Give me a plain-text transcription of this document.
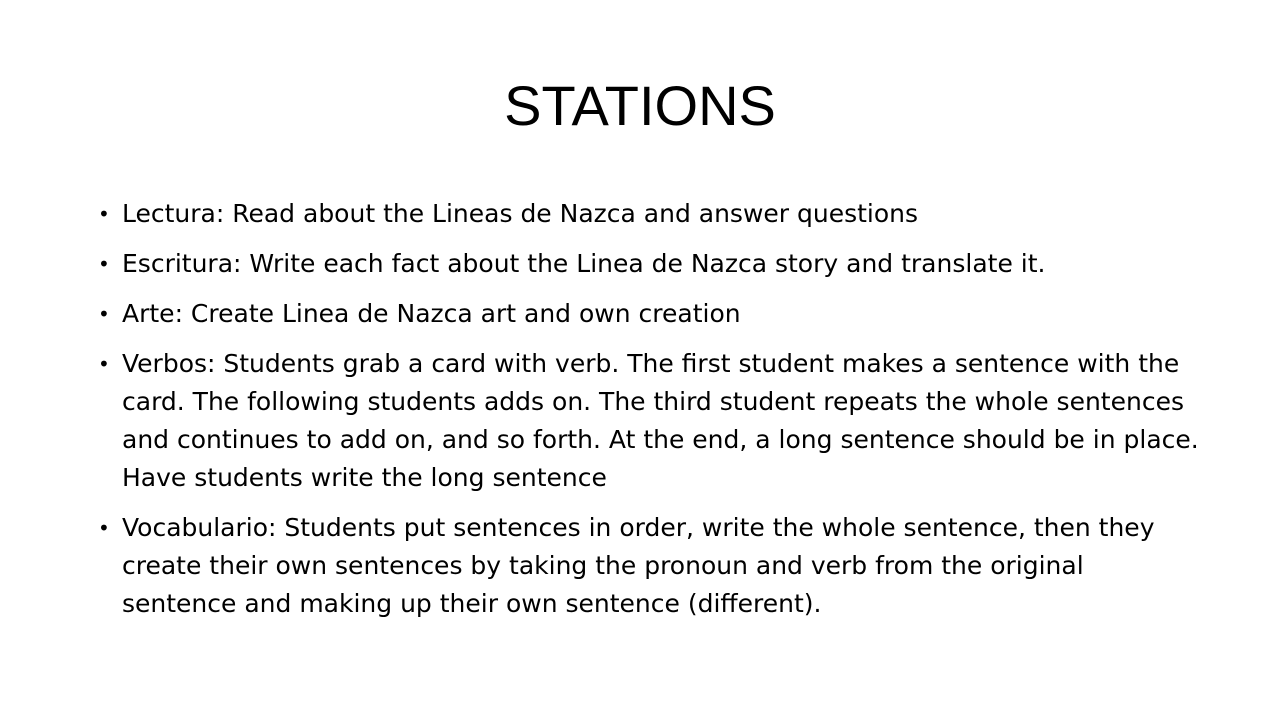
STATIONS
• Lectura: Read about the Lineas de Nazca and answer questions
• Escritura: Write each fact about the Linea de Nazca story and translate it.
• Arte: Create Linea de Nazca art and own creation
• Verbos: Students grab a card with verb. The first student makes a sentence with the card. The following students adds on. The third student repeats the whole sentences and continues to add on, and so forth. At the end, a long sentence should be in place. Have students write the long sentence
• Vocabulario: Students put sentences in order, write the whole sentence, then they create their own sentences by taking the pronoun and verb from the original sentence and making up their own sentence (different).
